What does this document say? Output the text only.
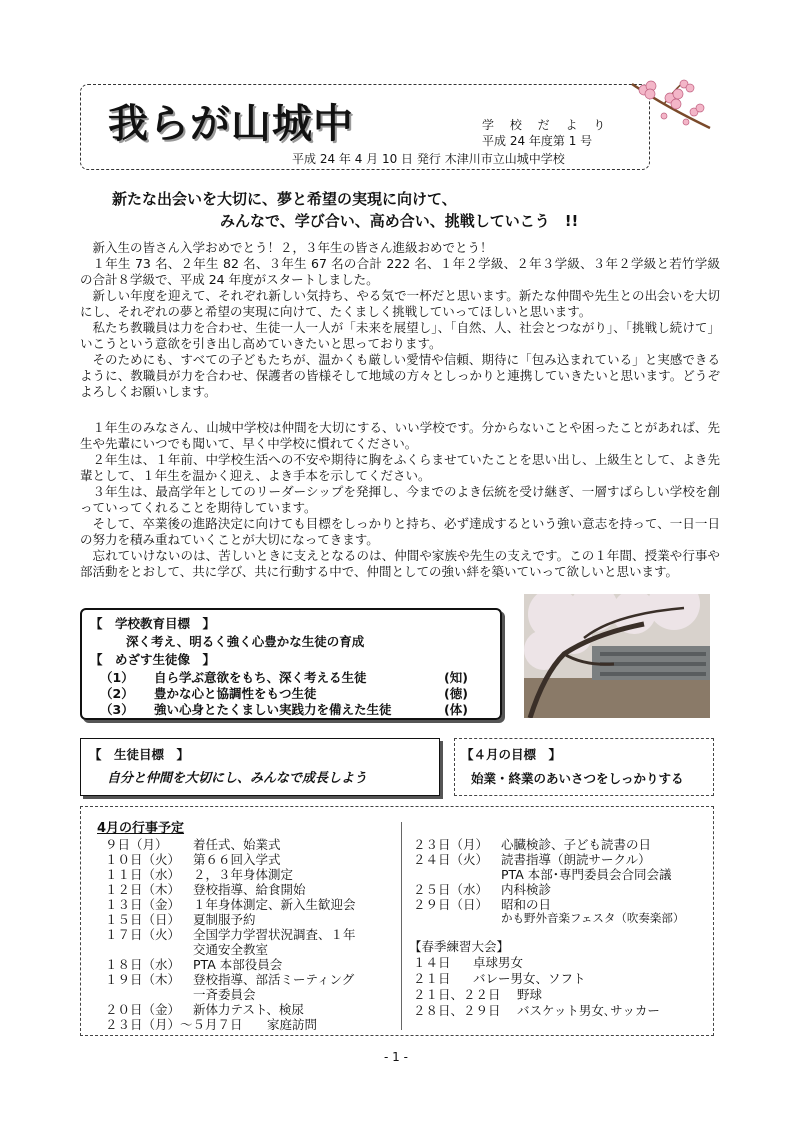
我らが山城中	学 校 だ よ り
平成 24 年度第 1 号
平成 24 年 4 月 10 日 発行 木津川市立山城中学校
新たな出会いを大切に、夢と希望の実現に向けて、
みんなで、学び合い、高め合い、挑戦していこう　!!

新入生の皆さん入学おめでとう！２，３年生の皆さん進級おめでとう！

１年生 73 名、２年生 82 名、３年生 67 名の合計 222 名、１年２学級、２年３学級、３年２学級と若竹学級の合計８学級で、平成 24 年度がスタートしました。

新しい年度を迎えて、それぞれ新しい気持ち、やる気で一杯だと思います。新たな仲間や先生との出会いを大切にし、それぞれの夢と希望の実現に向けて、たくましく挑戦していってほしいと思います。

私たち教職員は力を合わせ、生徒一人一人が「未来を展望し」、「自然、人、社会とつながり」、「挑戦し続けて」いこうという意欲を引き出し高めていきたいと思っております。

そのためにも、すべての子どもたちが、温かくも厳しい愛情や信頼、期待に「包み込まれている」と実感できるように、教職員が力を合わせ、保護者の皆様そして地域の方々としっかりと連携していきたいと思います。どうぞよろしくお願いします。

１年生のみなさん、山城中学校は仲間を大切にする、いい学校です。分からないことや困ったことがあれば、先生や先輩にいつでも聞いて、早く中学校に慣れてください。

２年生は、１年前、中学校生活への不安や期待に胸をふくらませていたことを思い出し、上級生として、よき先輩として、１年生を温かく迎え、よき手本を示してください。

３年生は、最高学年としてのリーダーシップを発揮し、今までのよき伝統を受け継ぎ、一層すばらしい学校を創っていってくれることを期待しています。

そして、卒業後の進路決定に向けても目標をしっかりと持ち、必ず達成するという強い意志を持って、一日一日の努力を積み重ねていくことが大切になってきます。

忘れていけないのは、苦しいときに支えとなるのは、仲間や家族や先生の支えです。この１年間、授業や行事や部活動をとおして、共に学び、共に行動する中で、仲間としての強い絆を築いていって欲しいと思います。

【　学校教育目標　】
深く考え、明るく強く心豊かな生徒の育成
【　めざす生徒像　】
（1） 自ら学ぶ意欲をもち、深く考える生徒	(知)
（2） 豊かな心と協調性をもつ生徒	(徳)
（3） 強い心身とたくましい実践力を備えた生徒	(体)
【　生徒目標　】
自分と仲間を大切にし、みんなで成長しよう
【４月の目標　】
始業・終業のあいさつをしっかりする
4月の行事予定
９日（月） 着任式、始業式
１０日（火） 第６６回入学式
１１日（水） ２，３年身体測定
１２日（木） 登校指導、給食開始
１３日（金） １年身体測定、新入生歓迎会
１５日（日） 夏制服予約
１７日（火） 全国学力学習状況調査、１年
交通安全教室
１８日（水） PTA 本部役員会
１９日（木） 登校指導、部活ミーティング
一斉委員会
２０日（金） 新体力テスト、検尿
２３日（月）～５月７日 家庭訪問
２３日（月） 心臓検診、子ども読書の日
２４日（火） 読書指導（朗読サークル）
PTA 本部･専門委員会合同会議
２５日（水） 内科検診
２９日（日） 昭和の日
かも野外音楽フェスタ（吹奏楽部）
【春季練習大会】
１４日 卓球男女
２１日 バレー男女、ソフト
２１日、２２日 野球
２８日、２９日 バスケット男女､サッカー
- 1 -
